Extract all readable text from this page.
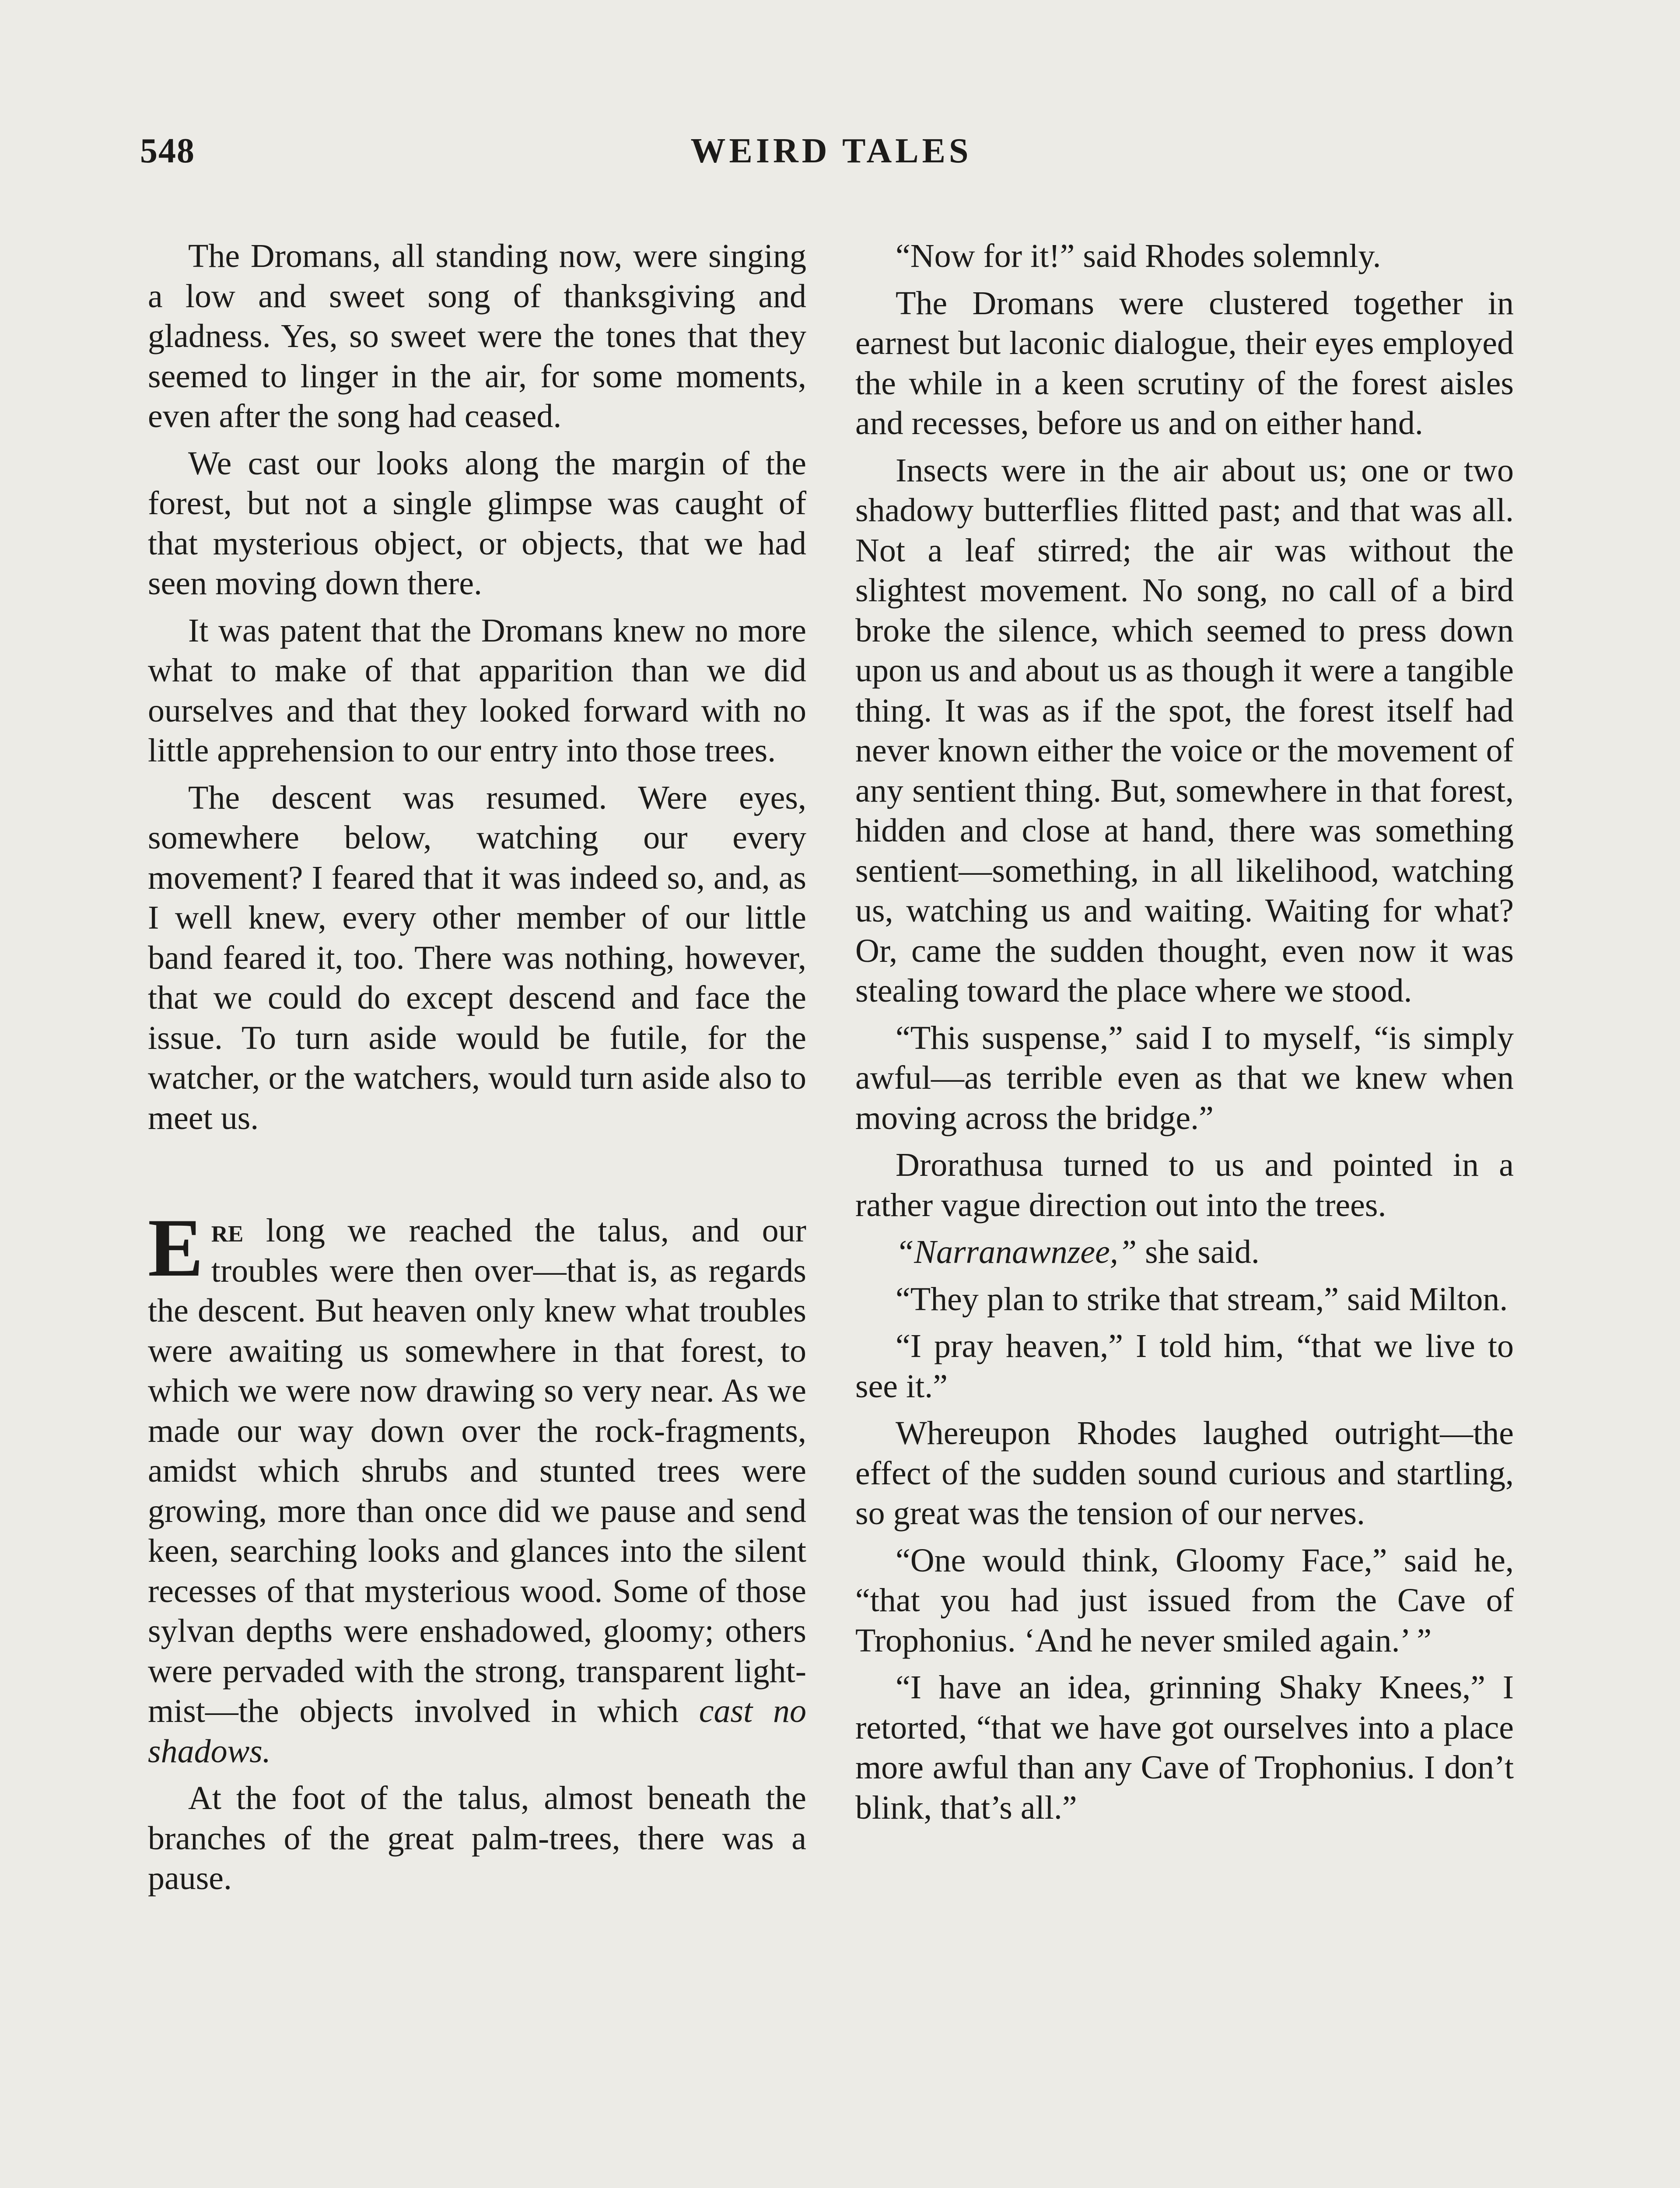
548	WEIRD TALES

The Dromans, all standing now, were singing a low and sweet song of thanksgiving and gladness. Yes, so sweet were the tones that they seemed to linger in the air, for some moments, even after the song had ceased.

We cast our looks along the margin of the forest, but not a single glimpse was caught of that mysterious object, or objects, that we had seen moving down there.

It was patent that the Dromans knew no more what to make of that apparition than we did ourselves and that they looked forward with no little apprehension to our entry into those trees.

The descent was resumed. Were eyes, somewhere below, watching our every movement? I feared that it was indeed so, and, as I well knew, every other member of our little band feared it, too. There was nothing, however, that we could do except descend and face the issue. To turn aside would be futile, for the watcher, or the watchers, would turn aside also to meet us.

Ere long we reached the talus, and our troubles were then over—that is, as regards the descent. But heaven only knew what troubles were awaiting us somewhere in that forest, to which we were now drawing so very near. As we made our way down over the rock-fragments, amidst which shrubs and stunted trees were growing, more than once did we pause and send keen, searching looks and glances into the silent recesses of that mysterious wood. Some of those sylvan depths were enshadowed, gloomy; others were pervaded with the strong, transparent light-mist—the objects involved in which cast no shadows.

At the foot of the talus, almost beneath the branches of the great palm-trees, there was a pause.

“Now for it!” said Rhodes solemnly.

The Dromans were clustered together in earnest but laconic dialogue, their eyes employed the while in a keen scrutiny of the forest aisles and recesses, before us and on either hand.

Insects were in the air about us; one or two shadowy butterflies flitted past; and that was all. Not a leaf stirred; the air was without the slightest movement. No song, no call of a bird broke the silence, which seemed to press down upon us and about us as though it were a tangible thing. It was as if the spot, the forest itself had never known either the voice or the movement of any sentient thing. But, somewhere in that forest, hidden and close at hand, there was something sentient—something, in all likelihood, watching us, watching us and waiting. Waiting for what? Or, came the sudden thought, even now it was stealing toward the place where we stood.

“This suspense,” said I to myself, “is simply awful—as terrible even as that we knew when moving across the bridge.”

Drorathusa turned to us and pointed in a rather vague direction out into the trees.

“Narranawnzee,” she said.

“They plan to strike that stream,” said Milton.

“I pray heaven,” I told him, “that we live to see it.”

Whereupon Rhodes laughed outright—the effect of the sudden sound curious and startling, so great was the tension of our nerves.

“One would think, Gloomy Face,” said he, “that you had just issued from the Cave of Trophonius. ‘And he never smiled again.’ ”

“I have an idea, grinning Shaky Knees,” I retorted, “that we have got ourselves into a place more awful than any Cave of Trophonius. I don’t blink, that’s all.”
